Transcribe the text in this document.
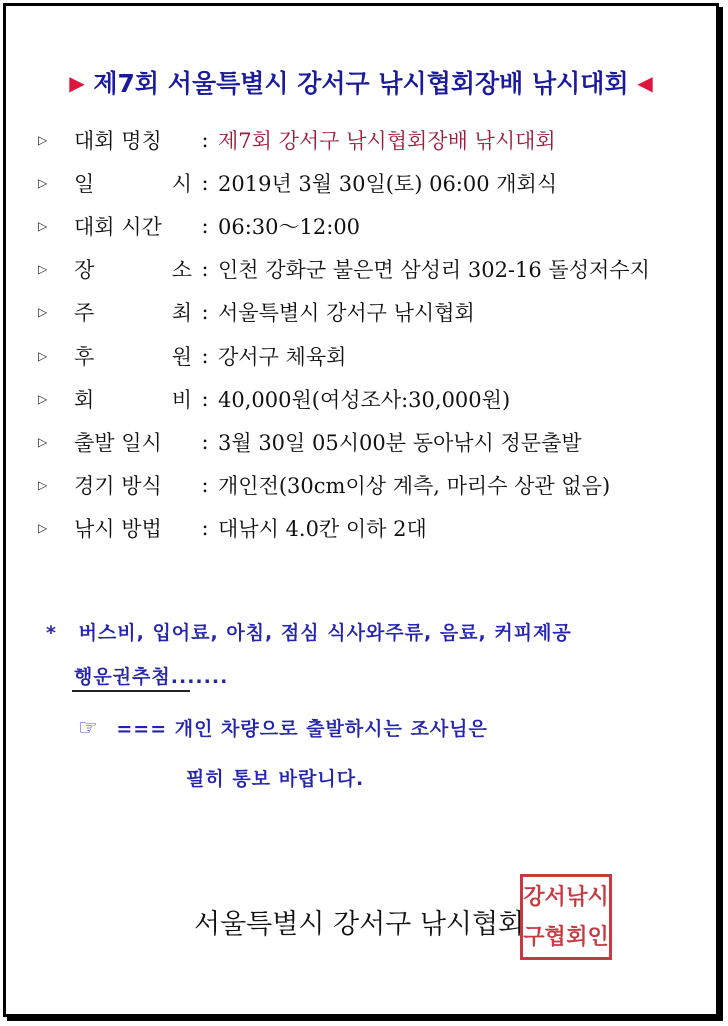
▶ 제7회 서울특별시 강서구 낚시협회장배 낚시대회 ◀
▷	대회 명칭	: 제7회 강서구 낚시협회장배 낚시대회
▷	일	시 : 2019년 3월 30일(토) 06:00 개회식
▷	대회 시간	: 06:30～12:00
▷	장	소 : 인천 강화군 불은면 삼성리 302-16 돌성저수지
▷	주	최 : 서울특별시 강서구 낚시협회
▷	후	원 : 강서구 체육회
▷	회	비 : 40,000원(여성조사:30,000원)
▷	출발 일시	: 3월 30일 05시00분 동아낚시 정문출발
▷	경기 방식	: 개인전(30cm이상 계측, 마리수 상관 없음)
▷	낚시 방법	: 대낚시 4.0칸 이하 2대
* 버스비, 입어료, 아침, 점심 식사와주류, 음료, 커피제공
행운권추첨.......
☞ === 개인 차량으로 출발하시는 조사님은
필히 통보 바랍니다.
서울특별시 강서구 낚시협회
강서 낚시
구협 회인
